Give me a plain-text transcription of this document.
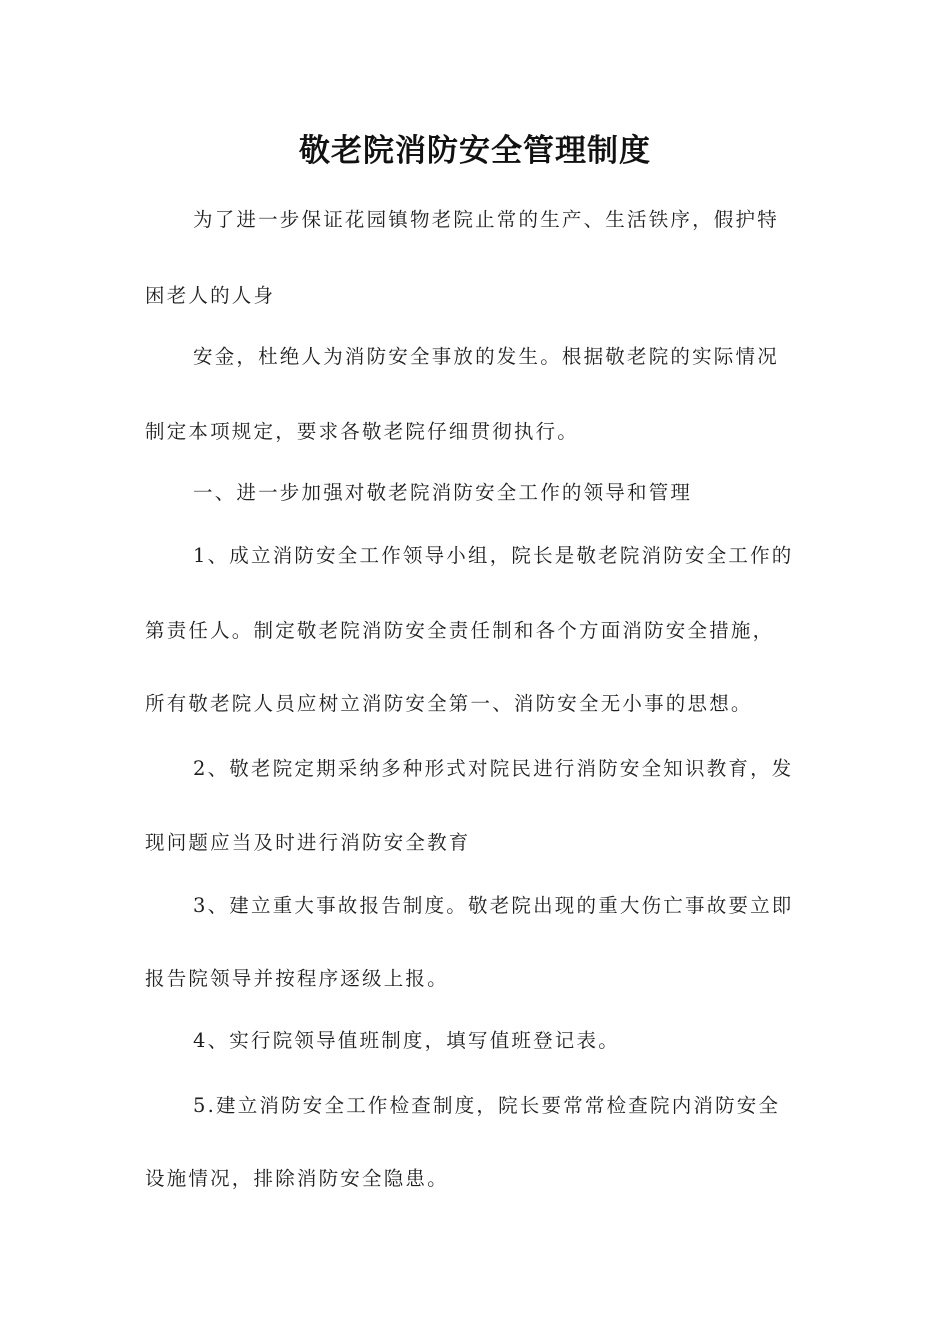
敬老院消防安全管理制度
为了进一步保证花园镇物老院止常的生产、生活铁序，假护特
困老人的人身
安金，杜绝人为消防安全事放的发生。根据敬老院的实际情况
制定本项规定，要求各敬老院仔细贯彻执行。
一、进一步加强对敬老院消防安全工作的领导和管理
1、成立消防安全工作领导小组，院长是敬老院消防安全工作的
第责任人。制定敬老院消防安全责任制和各个方面消防安全措施，
所有敬老院人员应树立消防安全第一、消防安全无小事的思想。
2、敬老院定期采纳多种形式对院民进行消防安全知识教育，发
现问题应当及时进行消防安全教育
3、建立重大事故报告制度。敬老院出现的重大伤亡事故要立即
报告院领导并按程序逐级上报。
4、实行院领导值班制度，填写值班登记表。
5.建立消防安全工作检查制度，院长要常常检查院内消防安全
设施情况，排除消防安全隐患。
